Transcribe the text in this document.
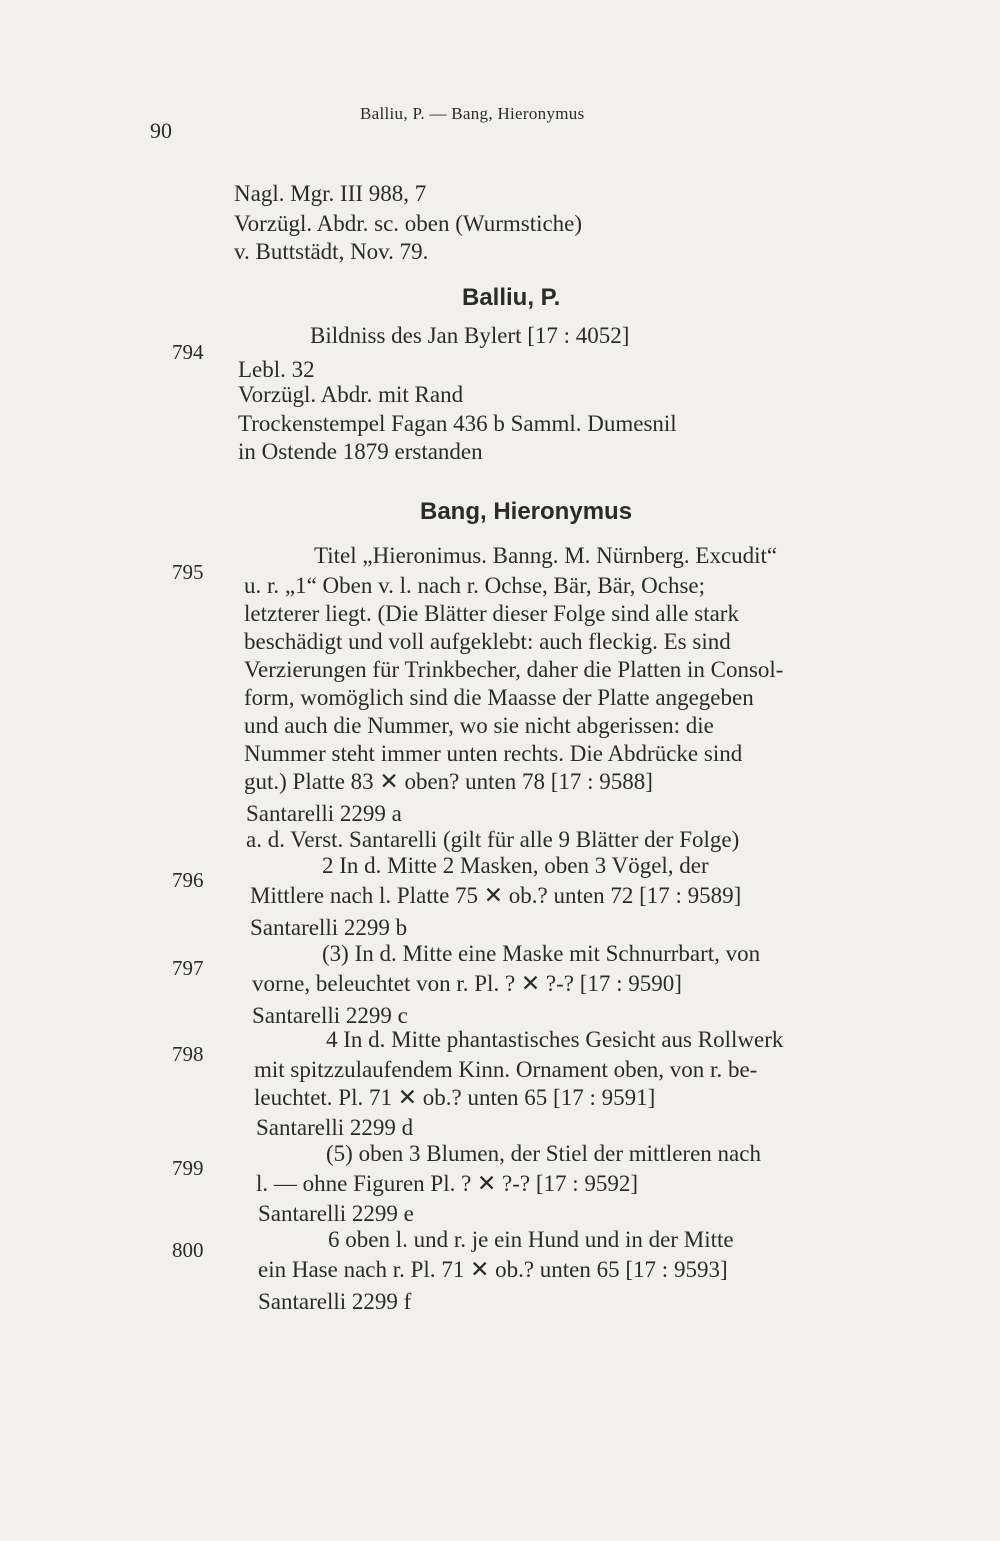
90
Balliu, P. — Bang, Hieronymus
Nagl. Mgr. III 988, 7
Vorzügl. Abdr. sc. oben (Wurmstiche)
v. Buttstädt, Nov. 79.
Balliu, P.
794
Bildniss des Jan Bylert [17 : 4052]
Lebl. 32
Vorzügl. Abdr. mit Rand
Trockenstempel Fagan 436 b Samml. Dumesnil
in Ostende 1879 erstanden
Bang, Hieronymus
795
Titel „Hieronimus. Banng. M. Nürnberg. Excudit“
u. r. „1“ Oben v. l. nach r. Ochse, Bär, Bär, Ochse;
letzterer liegt. (Die Blätter dieser Folge sind alle stark
beschädigt und voll aufgeklebt: auch fleckig. Es sind
Verzierungen für Trinkbecher, daher die Platten in Consol-
form, womöglich sind die Maasse der Platte angegeben
und auch die Nummer, wo sie nicht abgerissen: die
Nummer steht immer unten rechts. Die Abdrücke sind
gut.) Platte 83 ✕ oben? unten 78 [17 : 9588]
Santarelli 2299 a
a. d. Verst. Santarelli (gilt für alle 9 Blätter der Folge)
796
2 In d. Mitte 2 Masken, oben 3 Vögel, der
Mittlere nach l. Platte 75 ✕ ob.? unten 72 [17 : 9589]
Santarelli 2299 b
797
(3) In d. Mitte eine Maske mit Schnurrbart, von
vorne, beleuchtet von r. Pl. ? ✕ ?-? [17 : 9590]
Santarelli 2299 c
798
4 In d. Mitte phantastisches Gesicht aus Rollwerk
mit spitzzulaufendem Kinn. Ornament oben, von r. be-
leuchtet. Pl. 71 ✕ ob.? unten 65 [17 : 9591]
Santarelli 2299 d
799
(5) oben 3 Blumen, der Stiel der mittleren nach
l. — ohne Figuren Pl. ? ✕ ?-? [17 : 9592]
Santarelli 2299 e
800	6 oben l. und r. je ein Hund und in der Mitte
ein Hase nach r. Pl. 71 ✕ ob.? unten 65 [17 : 9593]
Santarelli 2299 f
